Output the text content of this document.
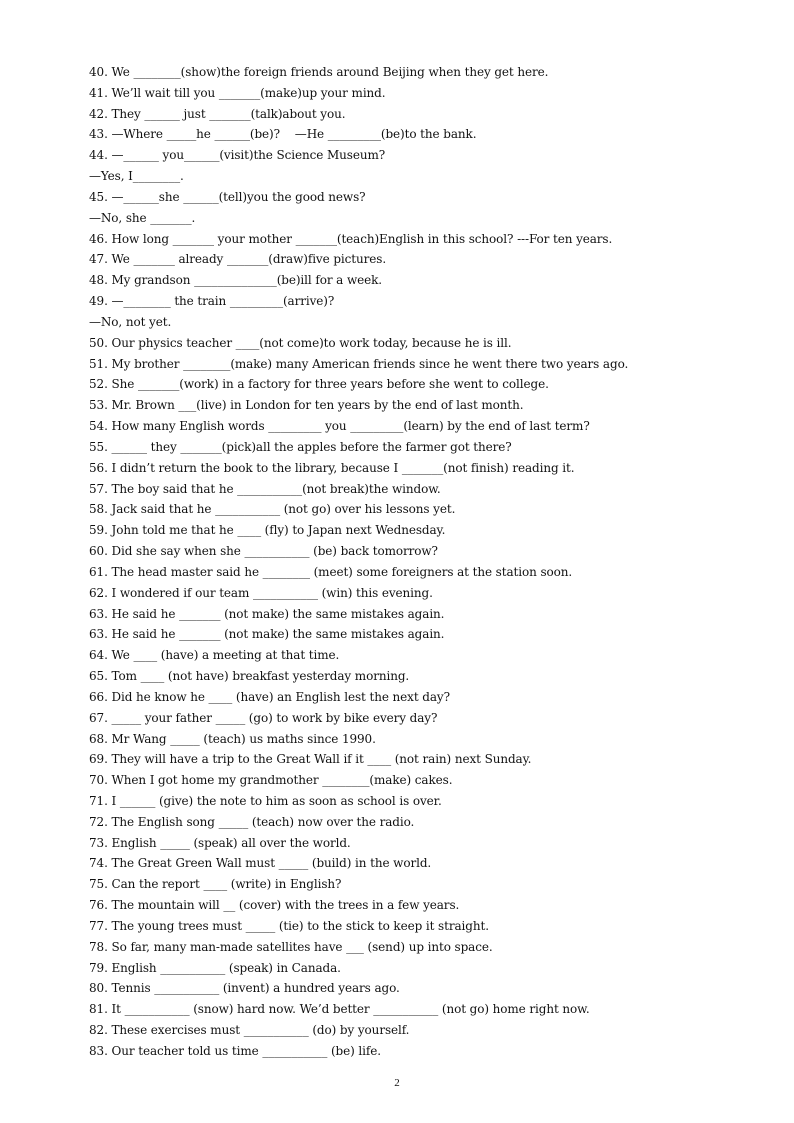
40. We ________(show)the foreign friends around Beijing when they get here.
41. We’ll wait till you _______(make)up your mind.
42. They ______ just _______(talk)about you.
43. —Where _____he ______(be)?    —He _________(be)to the bank.
44. —______ you______(visit)the Science Museum?
—Yes, I________.
45. —______she ______(tell)you the good news?
—No, she _______.
46. How long _______ your mother _______(teach)English in this school? ---For ten years.
47. We _______ already _______(draw)five pictures.
48. My grandson ______________(be)ill for a week.
49. —________ the train _________(arrive)?
—No, not yet.
50. Our physics teacher ____(not come)to work today, because he is ill.
51. My brother ________(make) many American friends since he went there two years ago.
52. She _______(work) in a factory for three years before she went to college.
53. Mr. Brown ___(live) in London for ten years by the end of last month.
54. How many English words _________ you _________(learn) by the end of last term?
55. ______ they _______(pick)all the apples before the farmer got there?
56. I didn’t return the book to the library, because I _______(not finish) reading it.
57. The boy said that he ___________(not break)the window.
58. Jack said that he ___________ (not go) over his lessons yet.
59. John told me that he ____ (fly) to Japan next Wednesday.
60. Did she say when she ___________ (be) back tomorrow?
61. The head master said he ________ (meet) some foreigners at the station soon.
62. I wondered if our team ___________ (win) this evening.
63. He said he _______ (not make) the same mistakes again.
63. He said he _______ (not make) the same mistakes again.
64. We ____ (have) a meeting at that time.
65. Tom ____ (not have) breakfast yesterday morning.
66. Did he know he ____ (have) an English lest the next day?
67. _____ your father _____ (go) to work by bike every day?
68. Mr Wang _____ (teach) us maths since 1990.
69. They will have a trip to the Great Wall if it ____ (not rain) next Sunday.
70. When I got home my grandmother ________(make) cakes.
71. I ______ (give) the note to him as soon as school is over.
72. The English song _____ (teach) now over the radio.
73. English _____ (speak) all over the world.
74. The Great Green Wall must _____ (build) in the world.
75. Can the report ____ (write) in English?
76. The mountain will __ (cover) with the trees in a few years.
77. The young trees must _____ (tie) to the stick to keep it straight.
78. So far, many man-made satellites have ___ (send) up into space.
79. English ___________ (speak) in Canada.
80. Tennis ___________ (invent) a hundred years ago.
81. It ___________ (snow) hard now. We’d better ___________ (not go) home right now.
82. These exercises must ___________ (do) by yourself.
83. Our teacher told us time ___________ (be) life.
2
